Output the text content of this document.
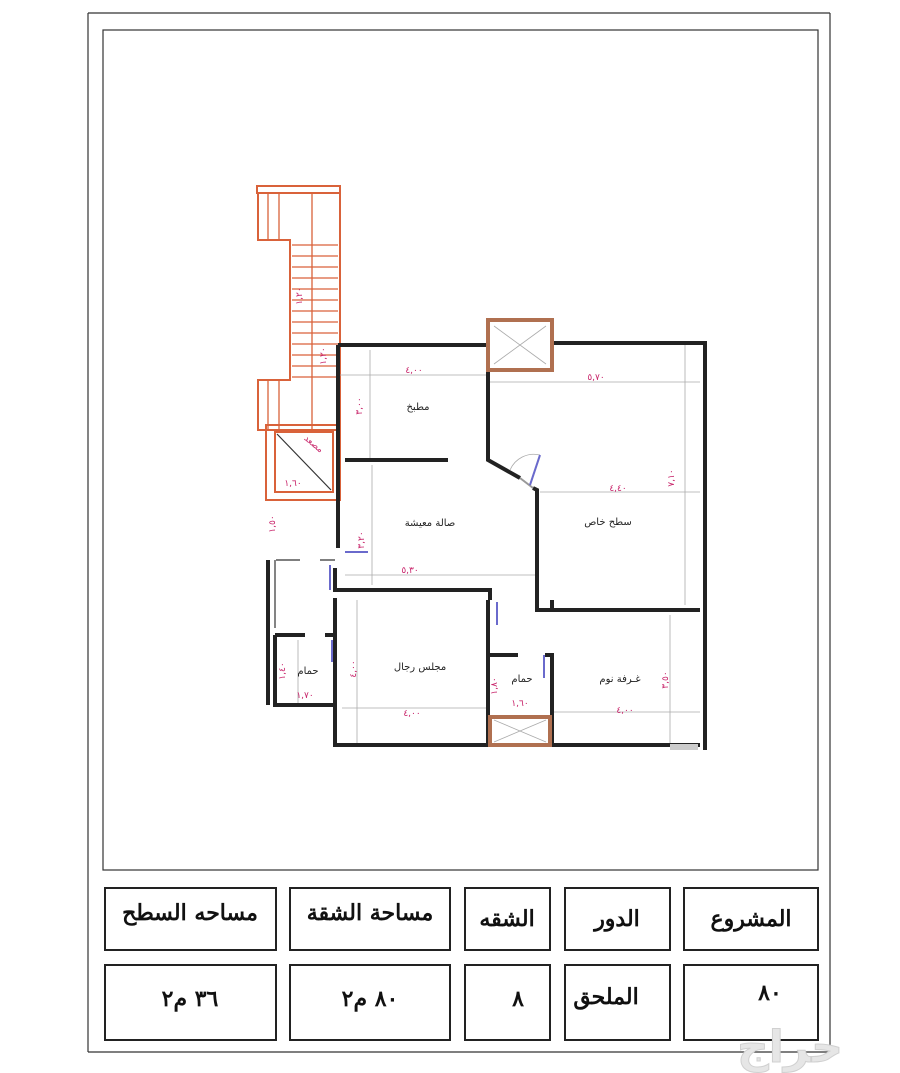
مصعد
١,٦٠
مطبخ
صالة معيشة	سطح خاص
مجلس رجال
حمام
حمام	غـرفة نوم
٤,٠٠
٣,٠٠
٥,٧٠
٤,٤٠
٧,١٠
٥,٣٠
٣,٢٠
١,٥٠
١,٧٠
١,٤٠
٤,٠٠
٤,٠٠
١,٦٠
١,٨٠
٤,٠٠
٣,٥٠
١,٢٠
١,٢٠
المشروع
الدور
الشقه
مساحة الشقة
مساحه السطح
٨٠
الملحق
٨
٨٠ م٢
٣٦ م٢
حراج
